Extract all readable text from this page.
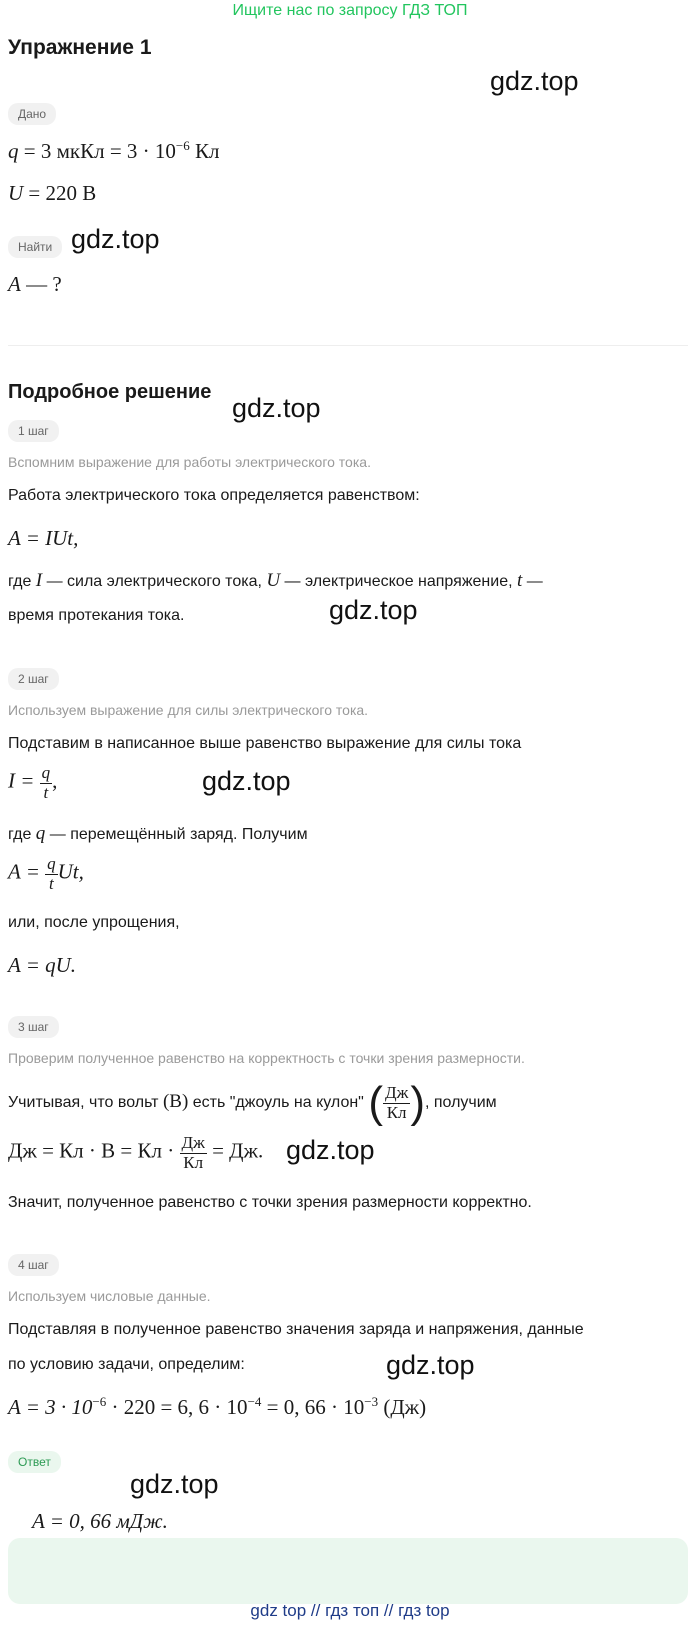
Ищите нас по запросу ГДЗ ТОП
Упражнение 1
gdz.top
gdz.top
gdz.top
gdz.top
gdz.top
gdz.top
gdz.top
gdz.top
Дано
q = 3 мкКл = $3 \cdot 10^{-6}$ Кл
U = 220 В
Найти
A — ?
Подробное решение
1 шаг
Вспомним выражение для работы электрического тока.
Работа электрического тока определяется равенством:
A = IUt,
где I — сила электрического тока, U — электрическое напряжение, t —
время протекания тока.
2 шаг
Используем выражение для силы электрического тока.
Подставим в написанное выше равенство выражение для силы тока
$I = \frac{q}{t}$ ,
где q — перемещённый заряд. Получим
$A = \frac{q}{t} Ut$,
или, после упрощения,
A = qU.
3 шаг
Проверим полученное равенство на корректность с точки зрения размерности.
Учитывая, что вольт (В) есть "джоуль на кулон" ( $\frac{Дж}{Кл}$ ), получим
Дж = Кл · В = Кл · $\frac{Дж}{Кл}$ = Дж.
Значит, полученное равенство с точки зрения размерности корректно.
4 шаг
Используем числовые данные.
Подставляя в полученное равенство значения заряда и напряжения, данные
по условию задачи, определим:
$A = 3 \cdot 10^{-6} \cdot 220 = 6$, $6 \cdot 10^{-4} = 0$, $66 \cdot 10^{-3}$ (Дж)
Ответ
A = 0, 66 мДж.
gdz top // гдз топ // гдз top
